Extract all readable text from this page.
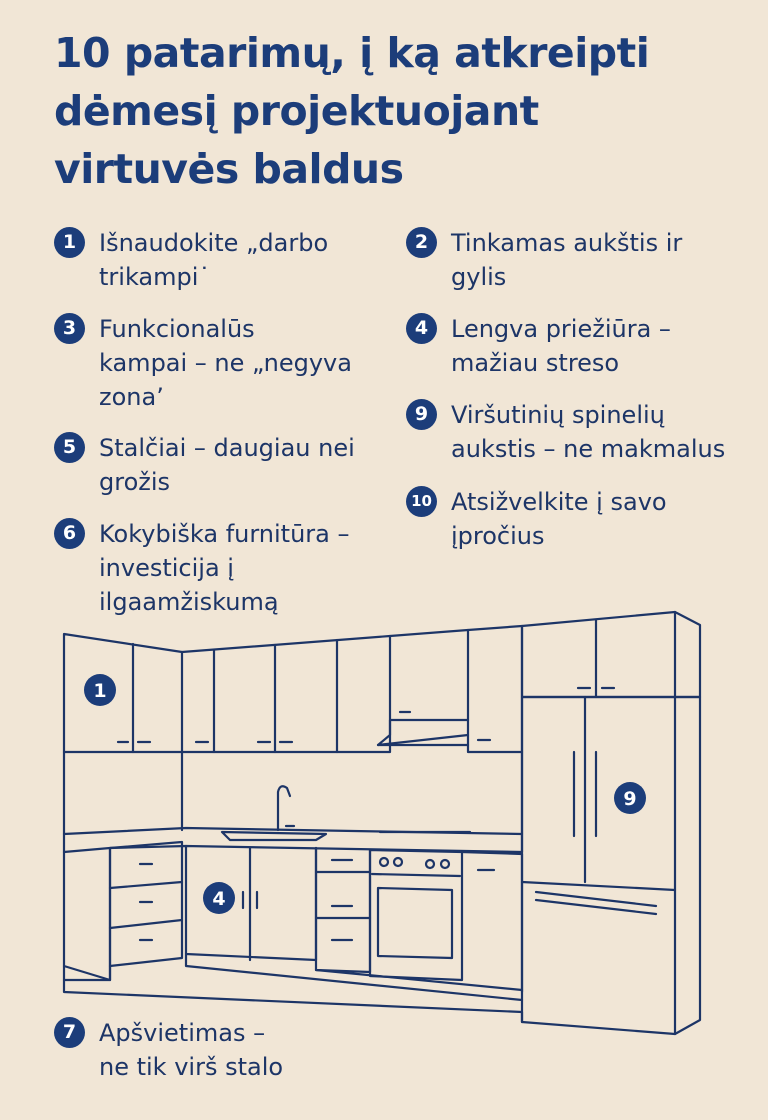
10 patarimų, į ką atkreipti
dėmesį projektuojant
virtuvės baldus
1 Išnaudokite „darbo
trikampi˙
2 Tinkamas aukštis ir
gylis
3 Funkcionalūs
kampai – ne „negyva
zona’
4 Lengva priežiūra –
mažiau streso
9 Viršutinių spinelių
aukstis – ne makmalus
5 Stalčiai – daugiau nei
grožis
10 Atsižvelkite į savo
įpročius
6 Kokybiška furnitūra –
investicija į
ilgaamžiskumą
1
4
9
7 Apšvietimas –
ne tik virš stalo
